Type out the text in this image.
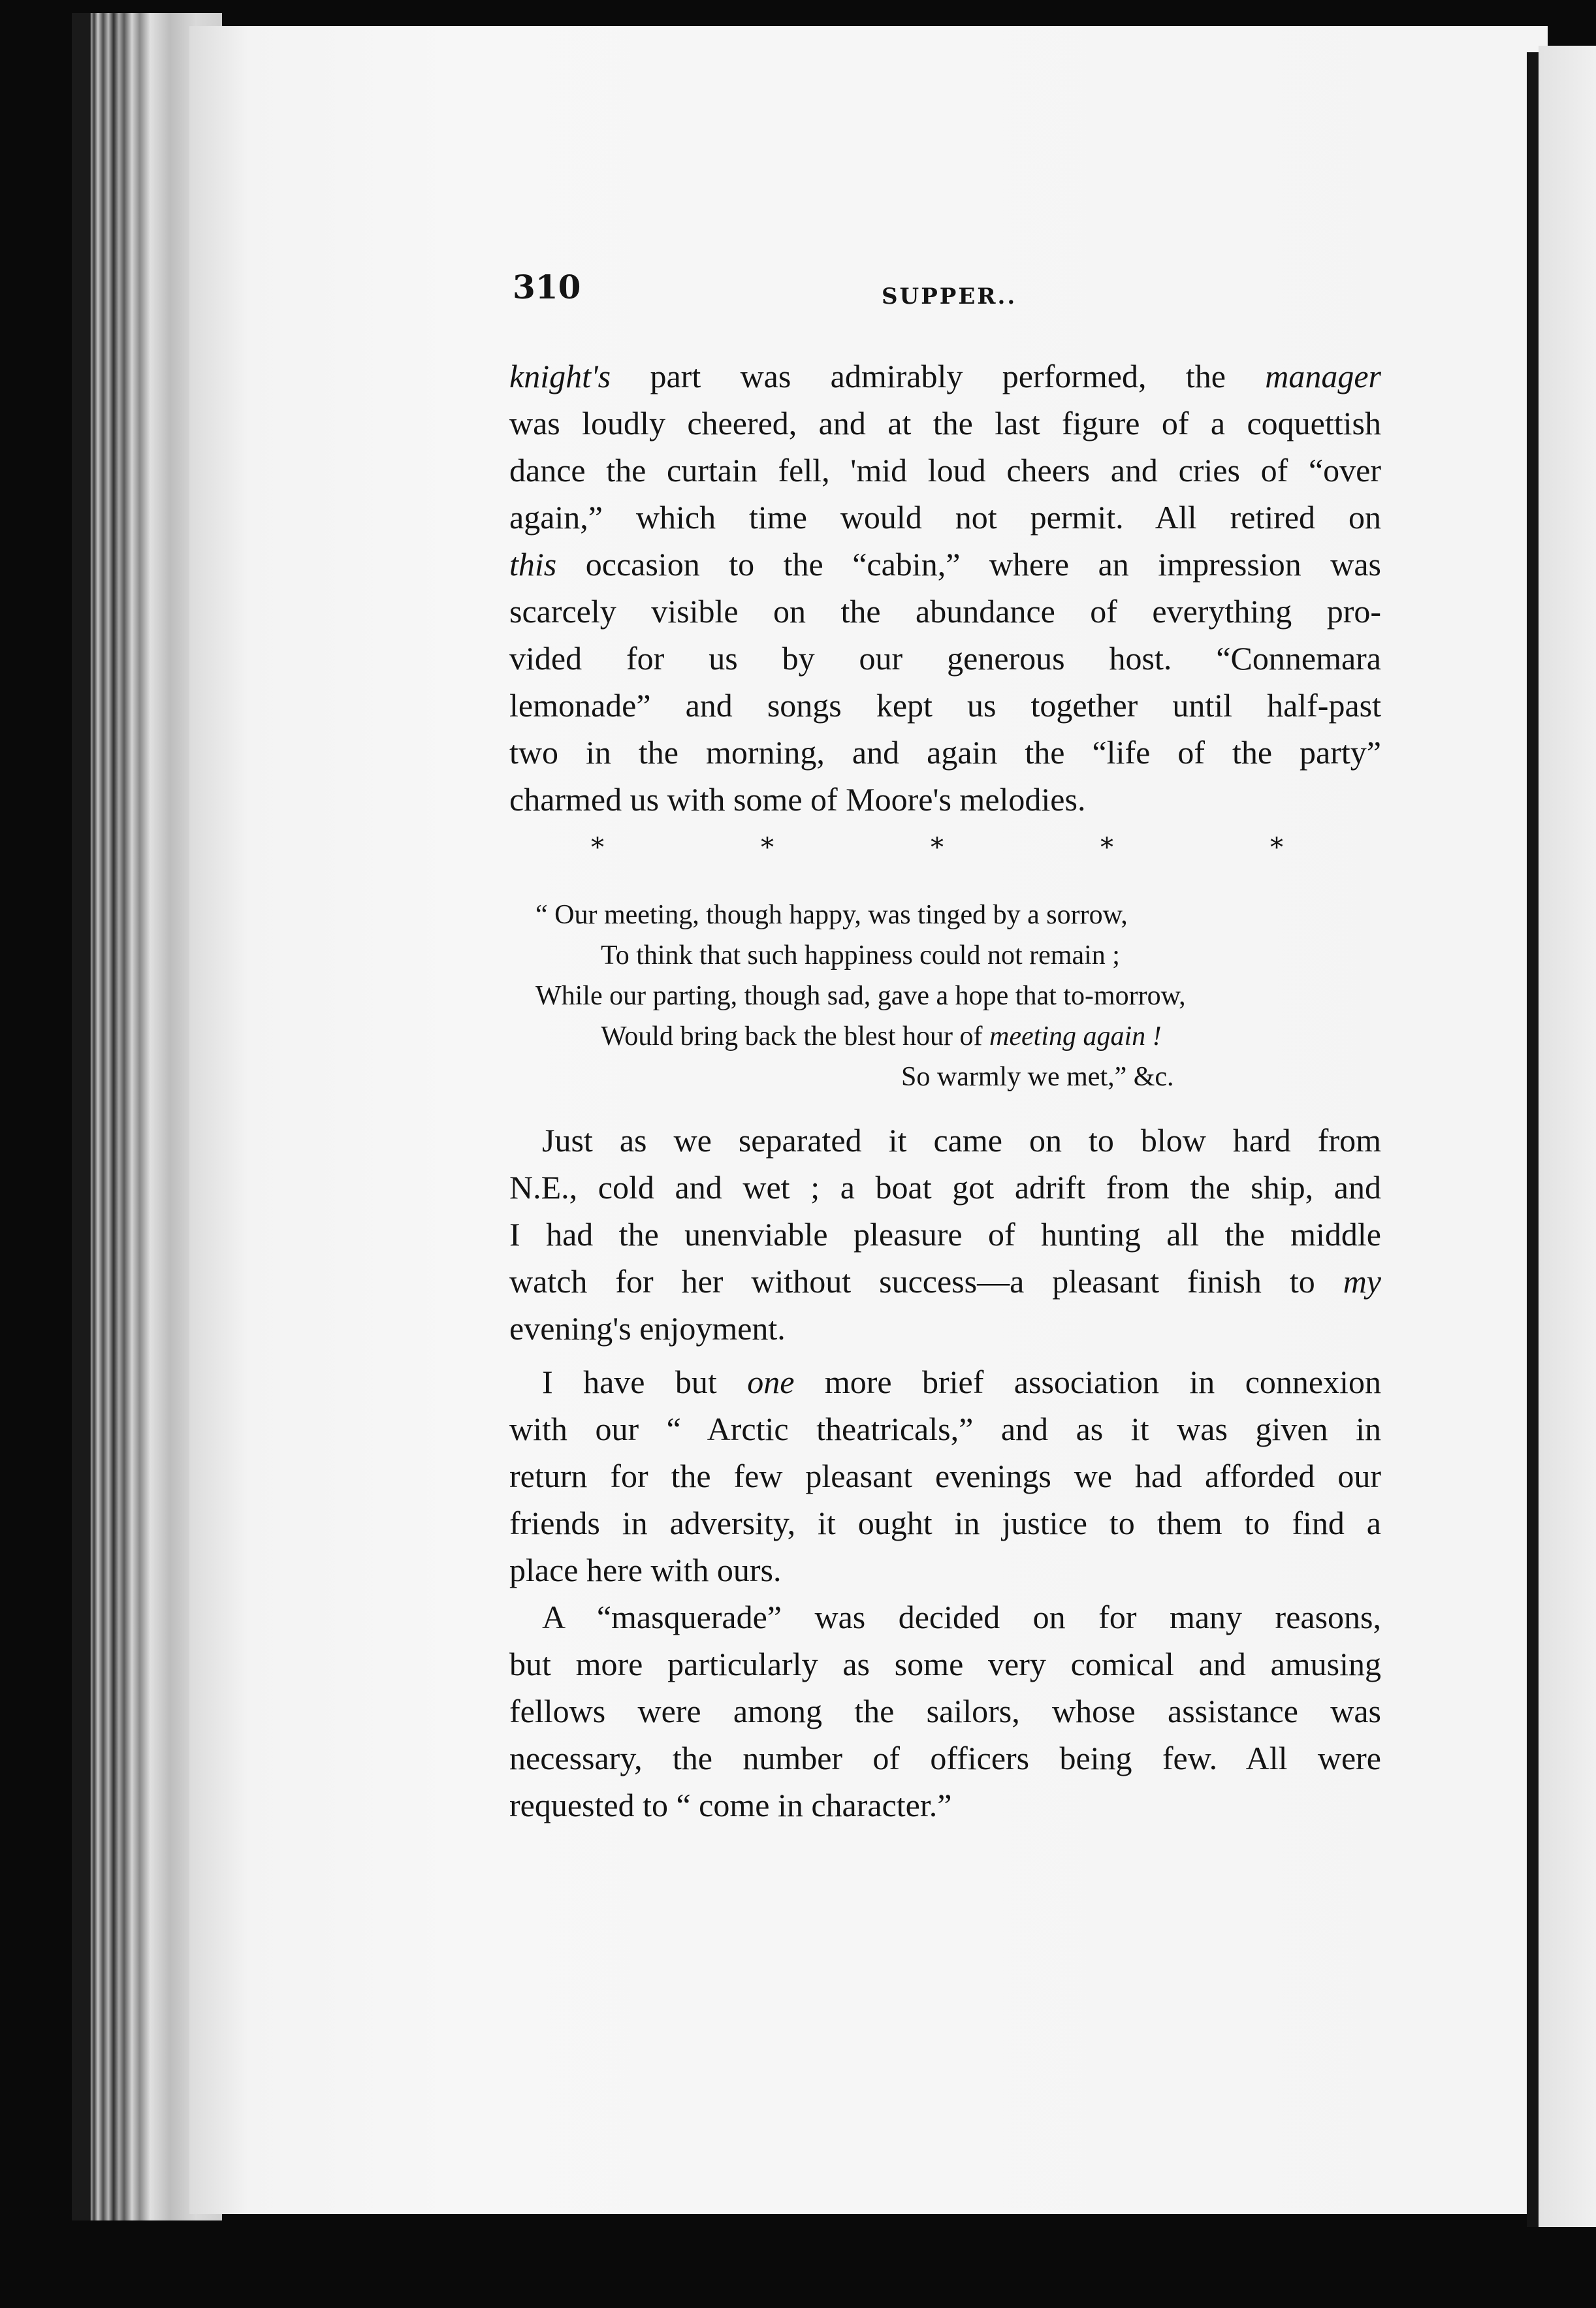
310	SUPPER..
knight's part was admirably performed, the manager
was loudly cheered, and at the last figure of a coquettish
dance the curtain fell, 'mid loud cheers and cries of “over
again,” which time would not permit. All retired on
this occasion to the “cabin,” where an impression was
scarcely visible on the abundance of everything pro-
vided for us by our generous host. “Connemara
lemonade” and songs kept us together until half-past
two in the morning, and again the “life of the party”
charmed us with some of Moore's melodies.
*	*	*	*	*
“ Our meeting, though happy, was tinged by a sorrow,
To think that such happiness could not remain ;
While our parting, though sad, gave a hope that to-morrow,
Would bring back the blest hour of meeting again !
So warmly we met,” &c.
Just as we separated it came on to blow hard from
N.E., cold and wet ; a boat got adrift from the ship, and
I had the unenviable pleasure of hunting all the middle
watch for her without success—a pleasant finish to my
evening's enjoyment.
I have but one more brief association in connexion
with our “ Arctic theatricals,” and as it was given in
return for the few pleasant evenings we had afforded our
friends in adversity, it ought in justice to them to find a
place here with ours.
A “masquerade” was decided on for many reasons,
but more particularly as some very comical and amusing
fellows were among the sailors, whose assistance was
necessary, the number of officers being few. All were
requested to “ come in character.”
